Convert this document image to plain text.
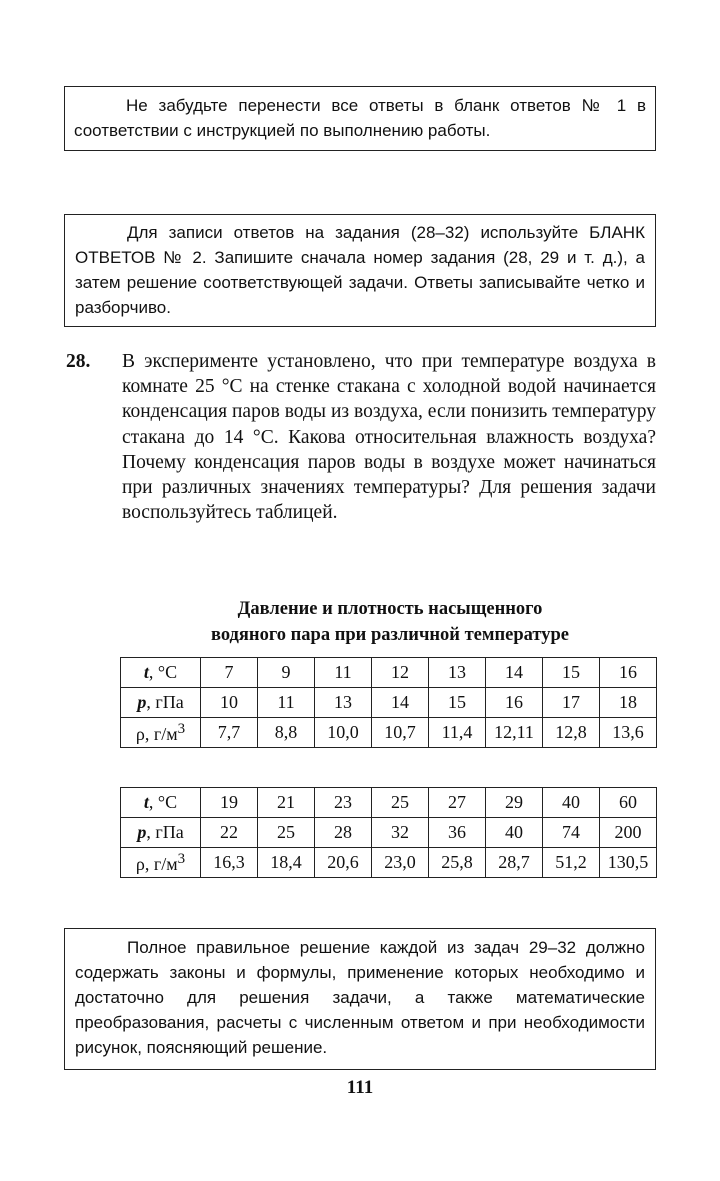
Не забудьте перенести все ответы в бланк ответов № 1 в соответствии с инструкцией по выполнению работы.

Для записи ответов на задания (28–32) используйте БЛАНК ОТВЕТОВ № 2. Запишите сначала номер задания (28, 29 и т. д.), а затем решение соответствующей задачи. Ответы записывайте четко и разборчиво.

28. В эксперименте установлено, что при температуре воздуха в комнате 25 °C на стенке стакана с холодной водой начинается конденсация паров воды из воздуха, если понизить температуру стакана до 14 °C. Какова относительная влажность воздуха? Почему конденсация паров воды в воздухе может начинаться при различных значениях температуры? Для решения задачи воспользуйтесь таблицей.
Давление и плотность насыщенного
водяного пара при различной температуре
t, °C	7	9	11	12	13	14	15	16
p, гПа	10	11	13	14	15	16	17	18
ρ, $г/м^3$	7,7	8,8	10,0	10,7	11,4	12,11	12,8	13,6
t, °C	19	21	23	25	27	29	40	60
p, гПа	22	25	28	32	36	40	74	200
ρ, $г/м^3$	16,3	18,4	20,6	23,0	25,8	28,7	51,2	130,5

Полное правильное решение каждой из задач 29–32 должно содержать законы и формулы, применение которых необходимо и достаточно для решения задачи, а также математические преобразования, расчеты с численным ответом и при необходимости рисунок, поясняющий решение.

111
